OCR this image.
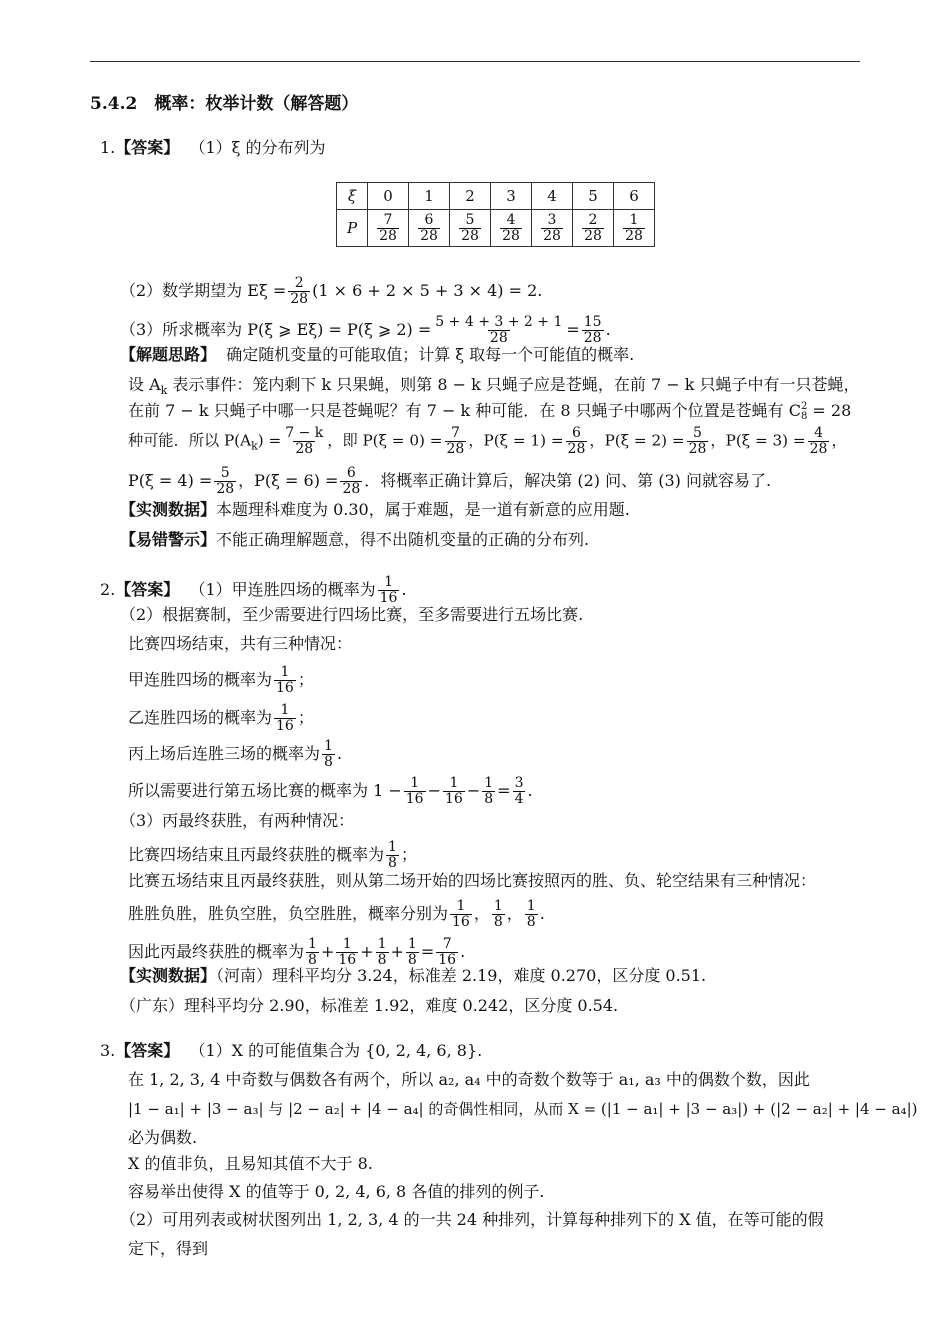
5.4.2　概率：枚举计数（解答题）
1.【答案】 （1）ξ 的分布列为
ξ	0	1	2	3	4	5	6
P	$\frac{7}{28}$	$\frac{6}{28}$	$\frac{5}{28}$	$\frac{4}{28}$	$\frac{3}{28}$	$\frac{2}{28}$	$\frac{1}{28}$
（2）数学期望为 $E\xi = \frac{2}{28} (1 \times 6 + 2 \times 5 + 3 \times 4) = 2$.
（3）所求概率为 P(ξ ⩾ Eξ) = P(ξ ⩾ $2) = \frac{5 + 4 + 3 + 2 + 1}{28} = \frac{15}{28}$ .
【解题思路】 确定随机变量的可能取值；计算 ξ 取每一个可能值的概率.
设 $A_k$ 表示事件：笼内剩下 k 只果蝇，则第 8 − k 只蝇子应是苍蝇，在前 7 − k 只蝇子中有一只苍蝇，
在前 7 − k 只蝇子中哪一只是苍蝇呢？有 7 − k 种可能．在 8 只蝇子中哪两个位置是苍蝇有 C 2
8 = 28
种可能．所以 $P(A_k) = \frac{7 - k}{28}$ ，即 $P(\xi = 0) = \frac{7}{28}$ ，$P(\xi = 1) = \frac{6}{28}$ ，$P(\xi = 2) = \frac{5}{28}$ ，$P(\xi = 3) = \frac{4}{28}$ ，
$P(\xi = 4) = \frac{5}{28}$ ，$P(\xi = 6) = \frac{6}{28}$ ．将概率正确计算后，解决第 (2) 问、第 (3) 问就容易了.
【实测数据】本题理科难度为 0.30，属于难题，是一道有新意的应用题.
【易错警示】不能正确理解题意，得不出随机变量的正确的分布列.
2.【答案】 （1）甲连胜四场的概率为 $\frac{1}{16}$ .
（2）根据赛制，至少需要进行四场比赛，至多需要进行五场比赛.
比赛四场结束，共有三种情况：
甲连胜四场的概率为 $\frac{1}{16}$ ；
乙连胜四场的概率为 $\frac{1}{16}$ ；
丙上场后连胜三场的概率为 $\frac{1}{8}$ .
所以需要进行第五场比赛的概率为 $1 - \frac{1}{16} - \frac{1}{16} - \frac{1}{8} = \frac{3}{4}$ .
（3）丙最终获胜，有两种情况：
比赛四场结束且丙最终获胜的概率为 $\frac{1}{8}$ ；
比赛五场结束且丙最终获胜，则从第二场开始的四场比赛按照丙的胜、负、轮空结果有三种情况：
胜胜负胜，胜负空胜，负空胜胜，概率分别为 $\frac{1}{16}$ ， $\frac{1}{8}$ ， $\frac{1}{8}$ .
因此丙最终获胜的概率为 $\frac{1}{8} + \frac{1}{16} + \frac{1}{8} + \frac{1}{8} = \frac{7}{16}$ .
【实测数据】（河南）理科平均分 3.24，标准差 2.19，难度 0.270，区分度 0.51.
（广东）理科平均分 2.90，标准差 1.92，难度 0.242，区分度 0.54.
3.【答案】 （1）X 的可能值集合为 {0, 2, 4, 6, 8}.
在 1, 2, 3, 4 中奇数与偶数各有两个，所以 a₂, a₄ 中的奇数个数等于 a₁, a₃ 中的偶数个数，因此
|1 − a₁| + |3 − a₃| 与 |2 − a₂| + |4 − a₄| 的奇偶性相同，从而 X = (|1 − a₁| + |3 − a₃|) + (|2 − a₂| + |4 − a₄|)
必为偶数.
X 的值非负，且易知其值不大于 8.
容易举出使得 X 的值等于 0, 2, 4, 6, 8 各值的排列的例子.
（2）可用列表或树状图列出 1, 2, 3, 4 的一共 24 种排列，计算每种排列下的 X 值，在等可能的假
定下，得到
